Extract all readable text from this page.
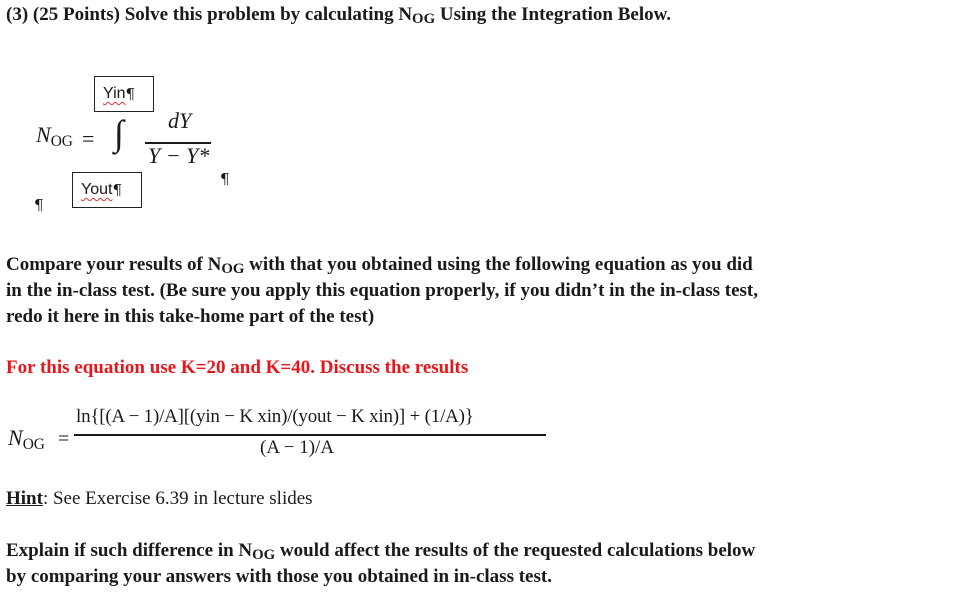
(3) (25 Points) Solve this problem by calculating NOG Using the Integration Below.
Yin ¶
NOG = ∫ dY
Y − Y*
¶
¶
Yout ¶
Compare your results of NOG with that you obtained using the following equation as you did
in the in-class test. (Be sure you apply this equation properly, if you didn’t in the in-class test,
redo it here in this take-home part of the test)
For this equation use K=20 and K=40. Discuss the results
NOG =
ln{[(A − 1)/A][(yin − K xin)/(yout − K xin)] + (1/A)}
(A − 1)/A
Hint: See Exercise 6.39 in lecture slides
Explain if such difference in NOG would affect the results of the requested calculations below
by comparing your answers with those you obtained in in-class test.
